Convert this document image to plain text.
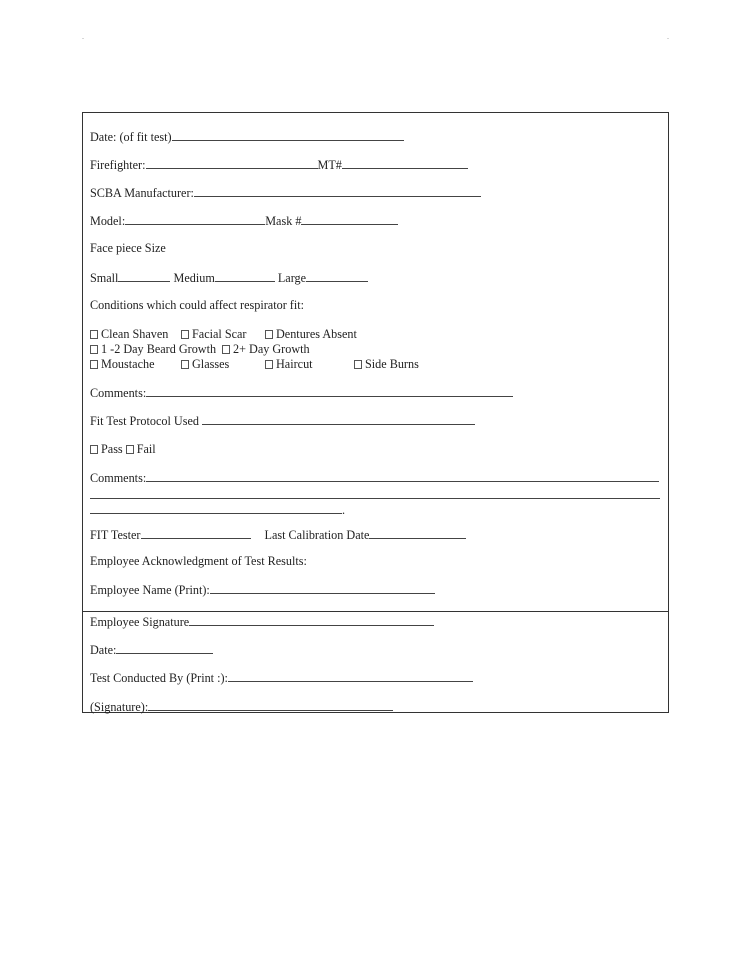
.	.
Date: (of fit test)
Firefighter:	MT#
SCBA Manufacturer:
Model:	Mask #
Face piece Size
Small	Medium	Large
Conditions which could affect respirator fit:
Clean Shaven	Facial Scar	Dentures Absent
1 -2 Day Beard Growth	2+ Day Growth
Moustache	Glasses	Haircut	Side Burns
Comments:
Fit Test Protocol Used
Pass Fail
Comments:
.
FIT Tester	Last Calibration Date
Employee Acknowledgment of Test Results:
Employee Name (Print):
Employee Signature
Date:
Test Conducted By (Print :):
(Signature):
